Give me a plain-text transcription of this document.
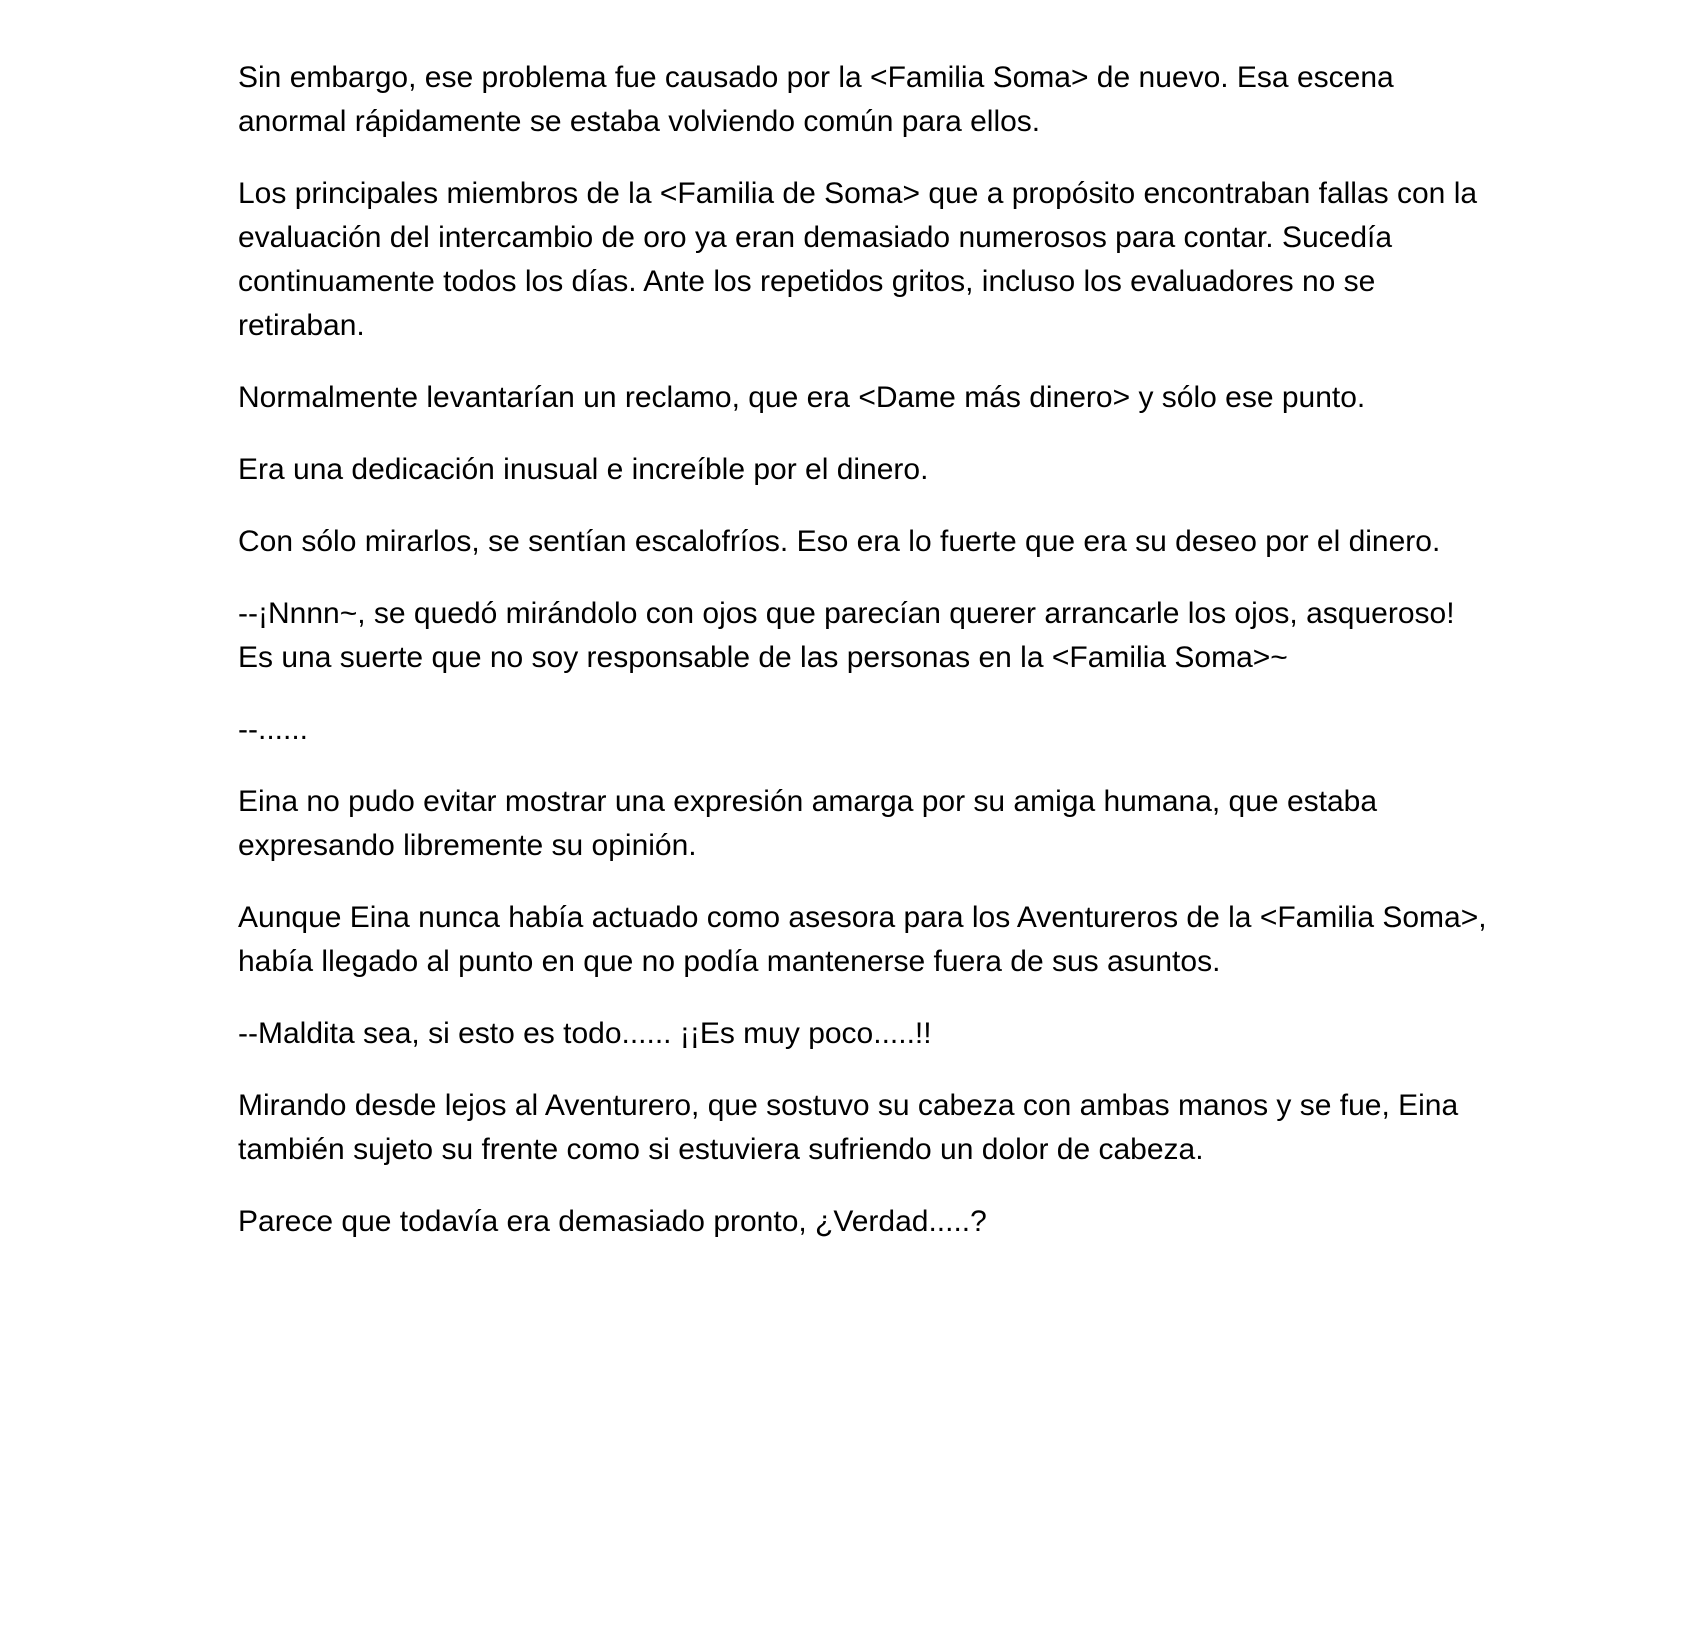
Sin embargo, ese problema fue causado por la <Familia Soma> de nuevo. Esa escena anormal rápidamente se estaba volviendo común para ellos.

Los principales miembros de la <Familia de Soma> que a propósito encontraban fallas con la evaluación del intercambio de oro ya eran demasiado numerosos para contar. Sucedía continuamente todos los días. Ante los repetidos gritos, incluso los evaluadores no se retiraban.

Normalmente levantarían un reclamo, que era <Dame más dinero> y sólo ese punto.

Era una dedicación inusual e increíble por el dinero.

Con sólo mirarlos, se sentían escalofríos. Eso era lo fuerte que era su deseo por el dinero.

--¡Nnnn~, se quedó mirándolo con ojos que parecían querer arrancarle los ojos, asqueroso! Es una suerte que no soy responsable de las personas en la <Familia Soma>~

--......

Eina no pudo evitar mostrar una expresión amarga por su amiga humana, que estaba expresando libremente su opinión.

Aunque Eina nunca había actuado como asesora para los Aventureros de la <Familia Soma>, había llegado al punto en que no podía mantenerse fuera de sus asuntos.

--Maldita sea, si esto es todo...... ¡¡Es muy poco.....!!

Mirando desde lejos al Aventurero, que sostuvo su cabeza con ambas manos y se fue, Eina también sujeto su frente como si estuviera sufriendo un dolor de cabeza.

Parece que todavía era demasiado pronto, ¿Verdad.....?
